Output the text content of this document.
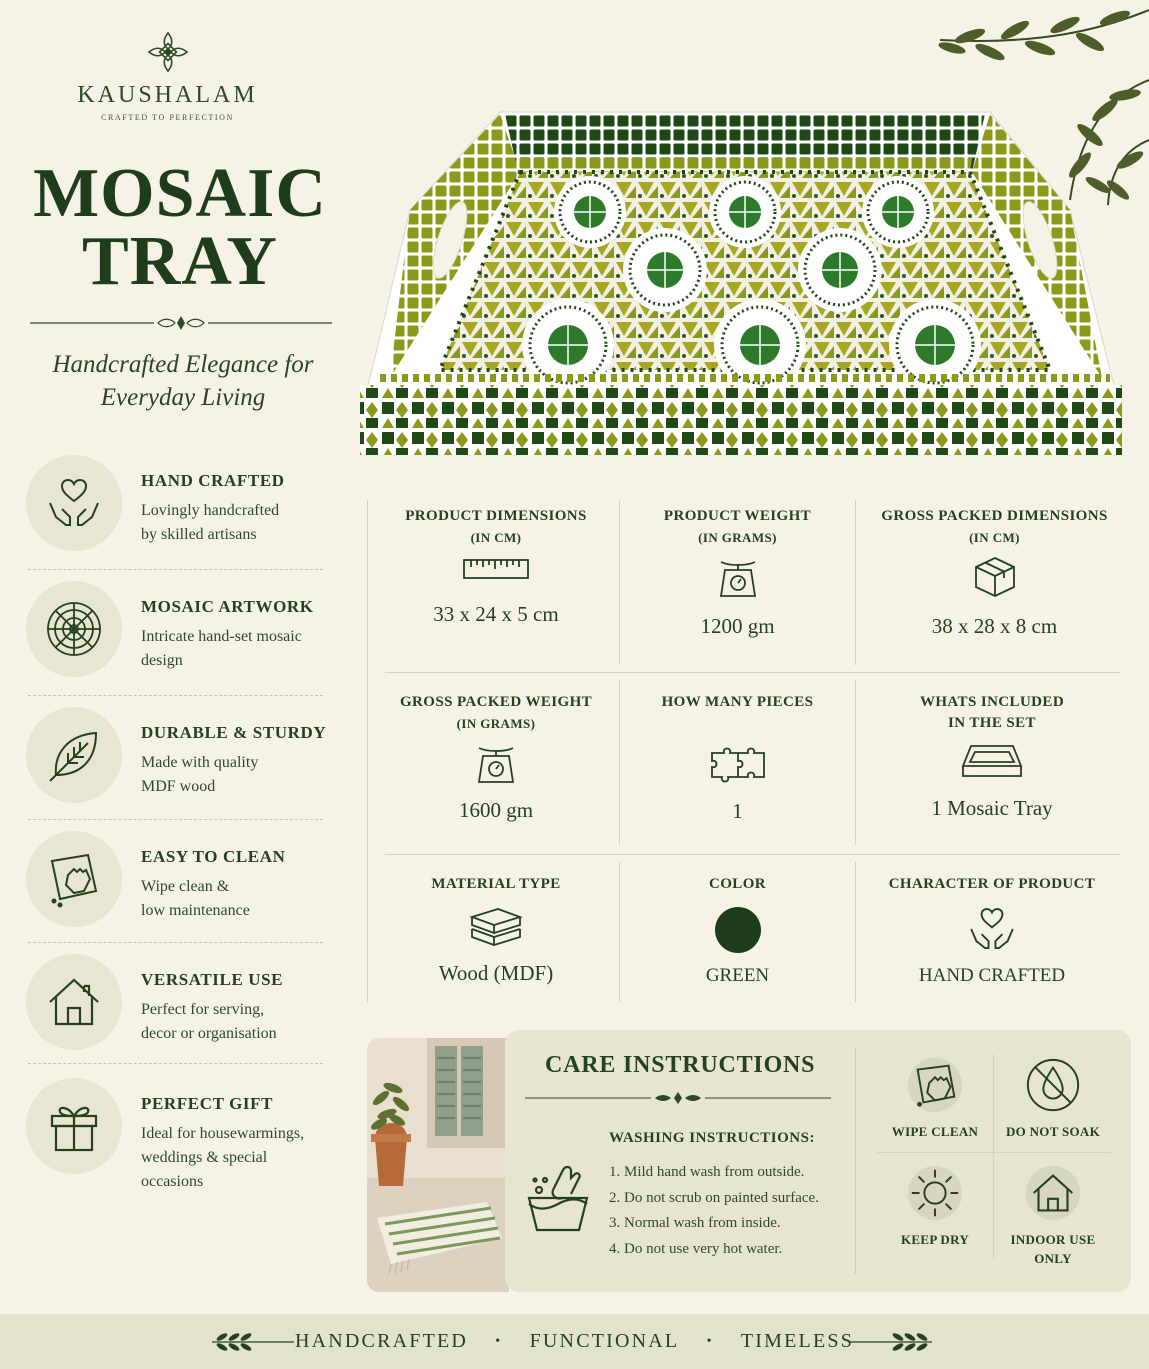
KAUSHALAM
CRAFTED TO PERFECTION
MOSAIC
TRAY
Handcrafted Elegance for
Everyday Living
HAND CRAFTED
Lovingly handcrafted
by skilled artisans
MOSAIC ARTWORK
Intricate hand-set mosaic
design
DURABLE & STURDY
Made with quality
MDF wood
EASY TO CLEAN
Wipe clean &
low maintenance
VERSATILE USE
Perfect for serving,
decor or organisation
PERFECT GIFT
Ideal for housewarmings,
weddings & special
occasions
PRODUCT DIMENSIONS
(IN CM)
33 x 24 x 5 cm
PRODUCT WEIGHT
(IN GRAMS)
1200 gm
GROSS PACKED DIMENSIONS
(IN CM)
38 x 28 x 8 cm
GROSS PACKED WEIGHT
(IN GRAMS)
1600 gm
HOW MANY PIECES
1
WHATS INCLUDED
IN THE SET
1 Mosaic Tray
MATERIAL TYPE
Wood (MDF)
COLOR
GREEN
CHARACTER OF PRODUCT
HAND CRAFTED
CARE INSTRUCTIONS
WASHING INSTRUCTIONS:
1. Mild hand wash from outside.
2. Do not scrub on painted surface.
3. Normal wash from inside.
4. Do not use very hot water.
WIPE CLEAN	DO NOT SOAK
KEEP DRY	INDOOR USE
ONLY
HANDCRAFTED • FUNCTIONAL • TIMELESS
